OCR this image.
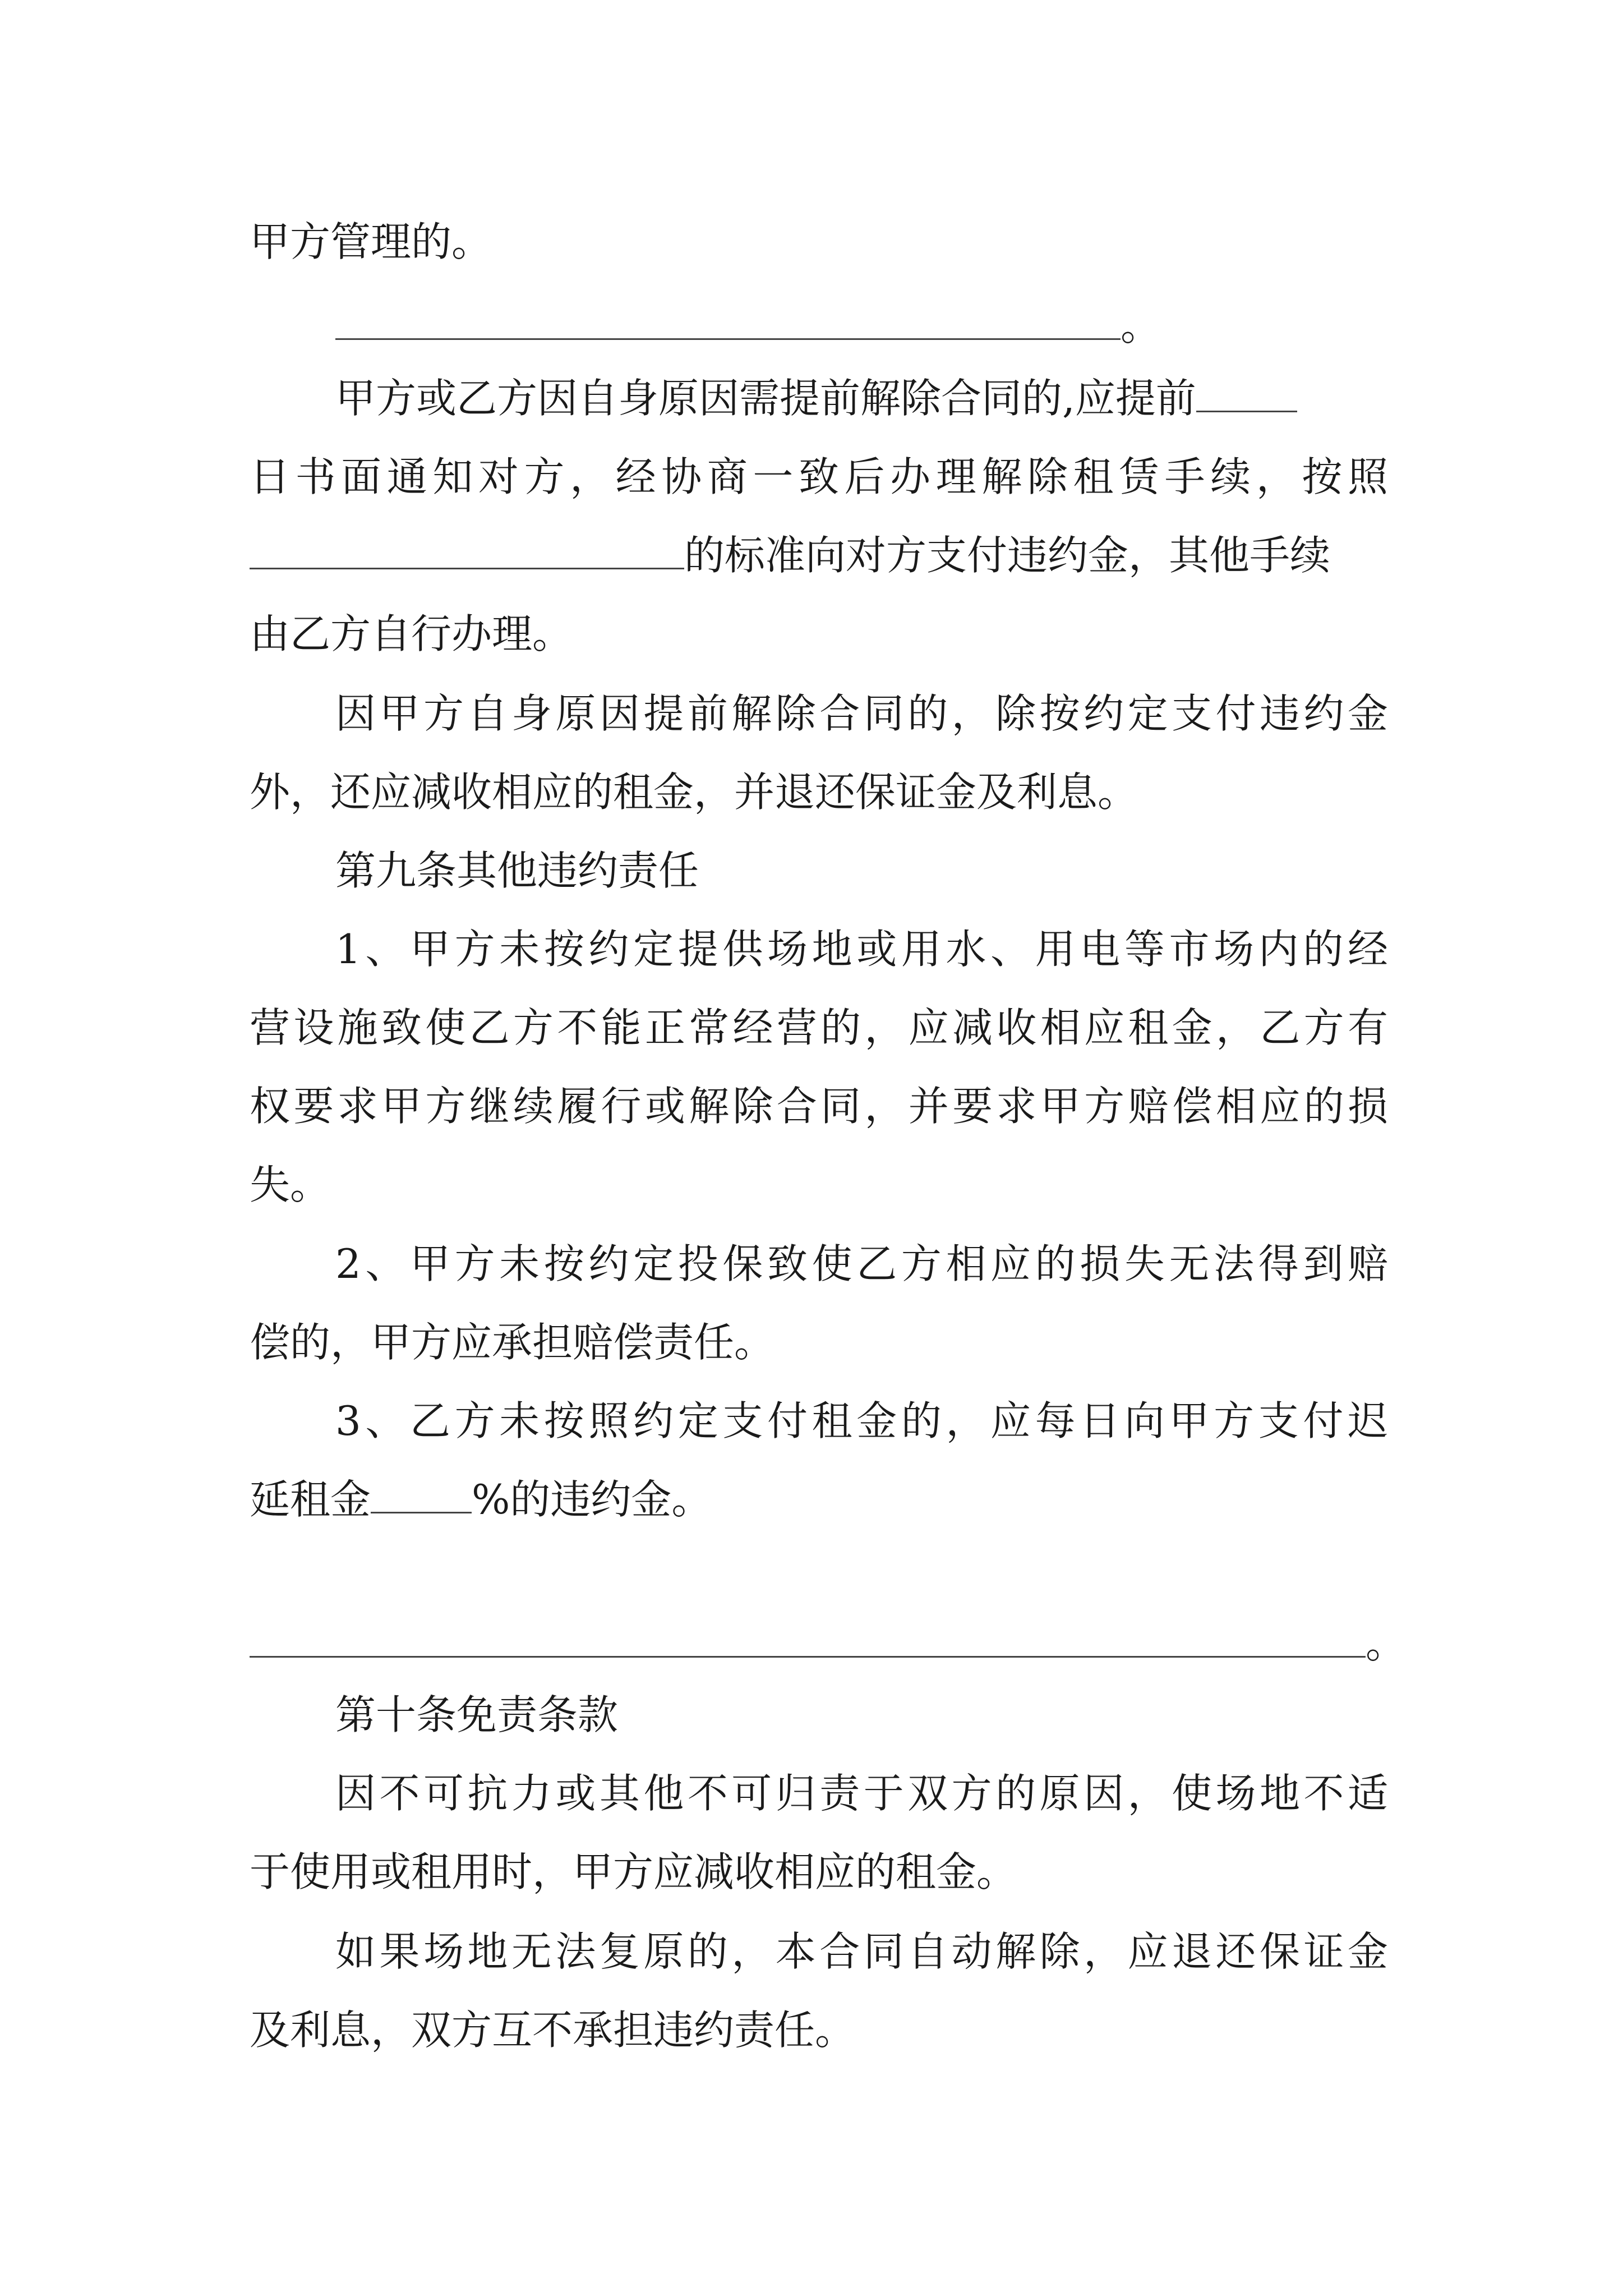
甲方管理的。
。
甲方或乙方因自身原因需提前解除合同的,应提前
日书面通知对方，经协商一致后办理解除租赁手续，按照
的标准向对方支付违约金，其他手续
由乙方自行办理。
因甲方自身原因提前解除合同的，除按约定支付违约金
外，还应减收相应的租金，并退还保证金及利息。
第九条其他违约责任
1、甲方未按约定提供场地或用水、用电等市场内的经
营设施致使乙方不能正常经营的，应减收相应租金，乙方有
权要求甲方继续履行或解除合同，并要求甲方赔偿相应的损
失。
2、甲方未按约定投保致使乙方相应的损失无法得到赔
偿的，甲方应承担赔偿责任。
3、乙方未按照约定支付租金的，应每日向甲方支付迟
延租金	%的违约金。
。
第十条免责条款
因不可抗力或其他不可归责于双方的原因，使场地不适
于使用或租用时，甲方应减收相应的租金。
如果场地无法复原的，本合同自动解除，应退还保证金
及利息，双方互不承担违约责任。
